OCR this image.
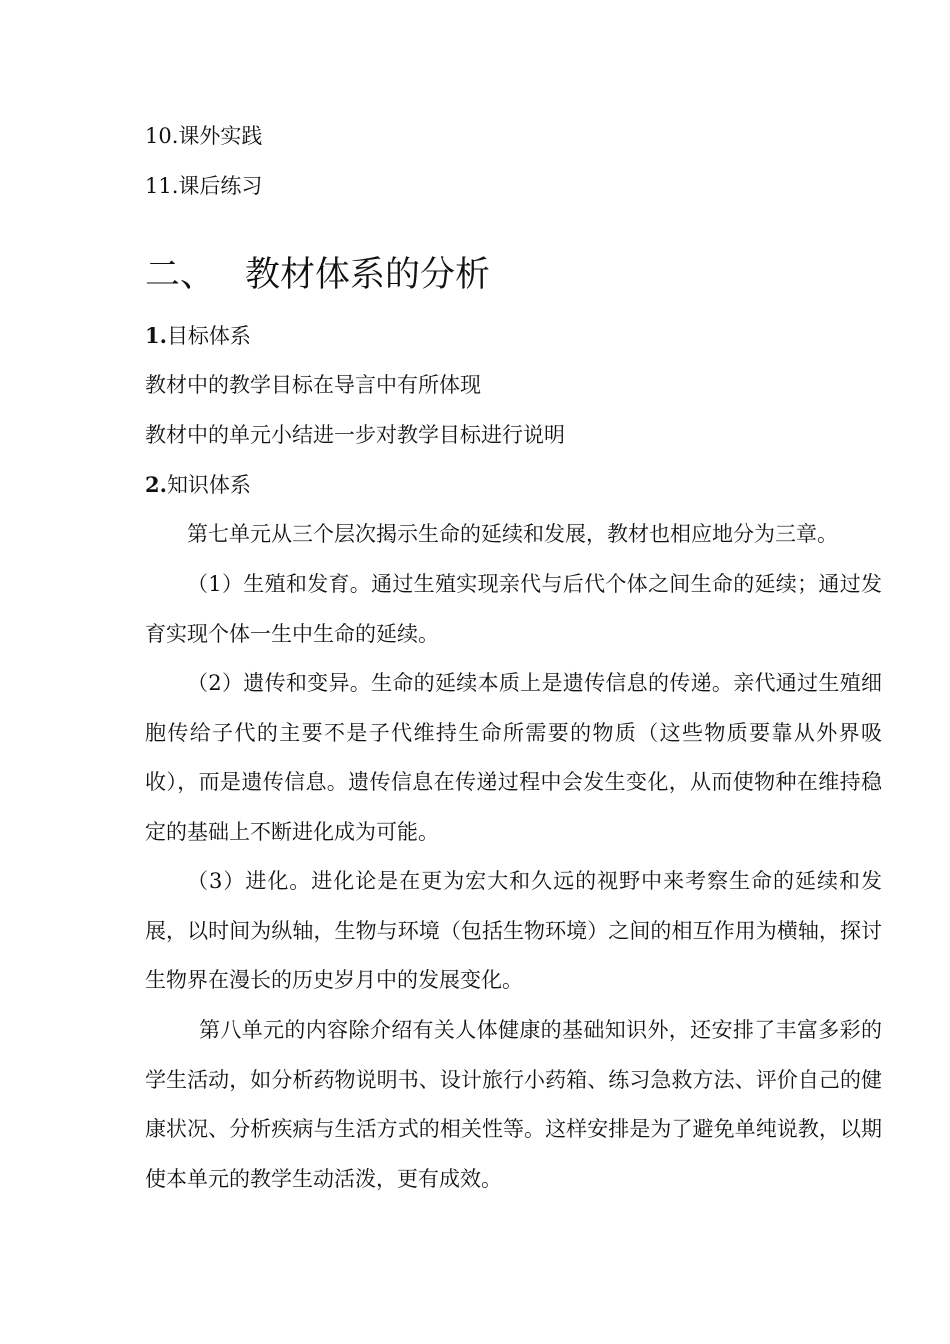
10.课外实践

11.课后练习

二、 教材体系的分析

1.目标体系

教材中的教学目标在导言中有所体现

教材中的单元小结进一步对教学目标进行说明

2.知识体系

第七单元从三个层次揭示生命的延续和发展，教材也相应地分为三章。

（1）生殖和发育。通过生殖实现亲代与后代个体之间生命的延续；通过发育实现个体一生中生命的延续。

（2）遗传和变异。生命的延续本质上是遗传信息的传递。亲代通过生殖细胞传给子代的主要不是子代维持生命所需要的物质（这些物质要靠从外界吸收），而是遗传信息。遗传信息在传递过程中会发生变化，从而使物种在维持稳定的基础上不断进化成为可能。

（3）进化。进化论是在更为宏大和久远的视野中来考察生命的延续和发展，以时间为纵轴，生物与环境（包括生物环境）之间的相互作用为横轴，探讨生物界在漫长的历史岁月中的发展变化。

第八单元的内容除介绍有关人体健康的基础知识外，还安排了丰富多彩的学生活动，如分析药物说明书、设计旅行小药箱、练习急救方法、评价自己的健康状况、分析疾病与生活方式的相关性等。这样安排是为了避免单纯说教，以期使本单元的教学生动活泼，更有成效。
